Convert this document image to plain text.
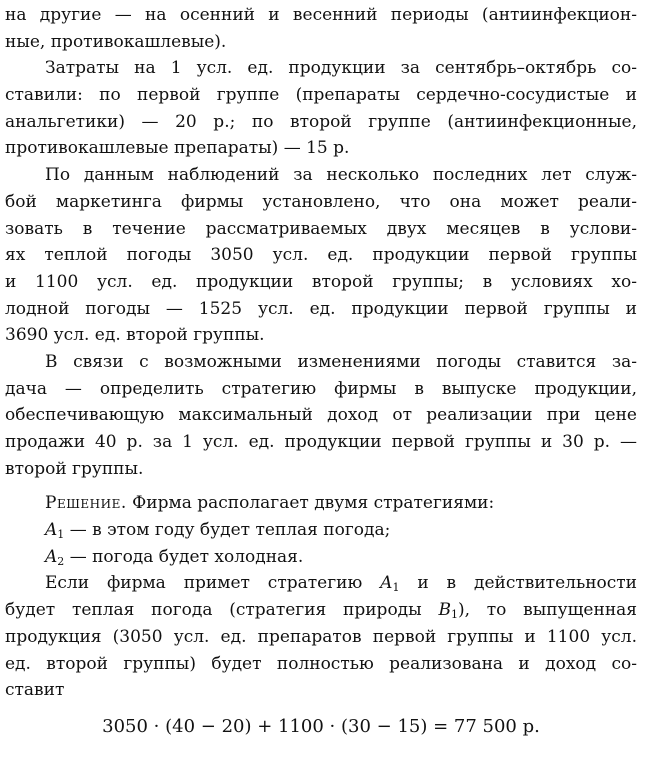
на другие — на осенний и весенний периоды (антиинфекцион-
ные, противокашлевые).
Затраты на 1 усл. ед. продукции за сентябрь–октябрь со-
ставили: по первой группе (препараты сердечно-сосудистые и
анальгетики) — 20 р.; по второй группе (антиинфекционные,
противокашлевые препараты) — 15 р.
По данным наблюдений за несколько последних лет служ-
бой маркетинга фирмы установлено, что она может реали-
зовать в течение рассматриваемых двух месяцев в услови-
ях теплой погоды 3050 усл. ед. продукции первой группы
и 1100 усл. ед. продукции второй группы; в условиях хо-
лодной погоды — 1525 усл. ед. продукции первой группы и
3690 усл. ед. второй группы.
В связи с возможными изменениями погоды ставится за-
дача — определить стратегию фирмы в выпуске продукции,
обеспечивающую максимальный доход от реализации при цене
продажи 40 р. за 1 усл. ед. продукции первой группы и 30 р. —
второй группы.
Решение. Фирма располагает двумя стратегиями:
$A_1$ — в этом году будет теплая погода;
$A_2$ — погода будет холодная.
Если фирма примет стратегию $A_1$ и в действительности
будет теплая погода (стратегия природы $B_1$), то выпущенная
продукция (3050 усл. ед. препаратов первой группы и 1100 усл.
ед. второй группы) будет полностью реализована и доход со-
ставит
3050 · (40 − 20) + 1100 · (30 − 15) = 77 500 р.
